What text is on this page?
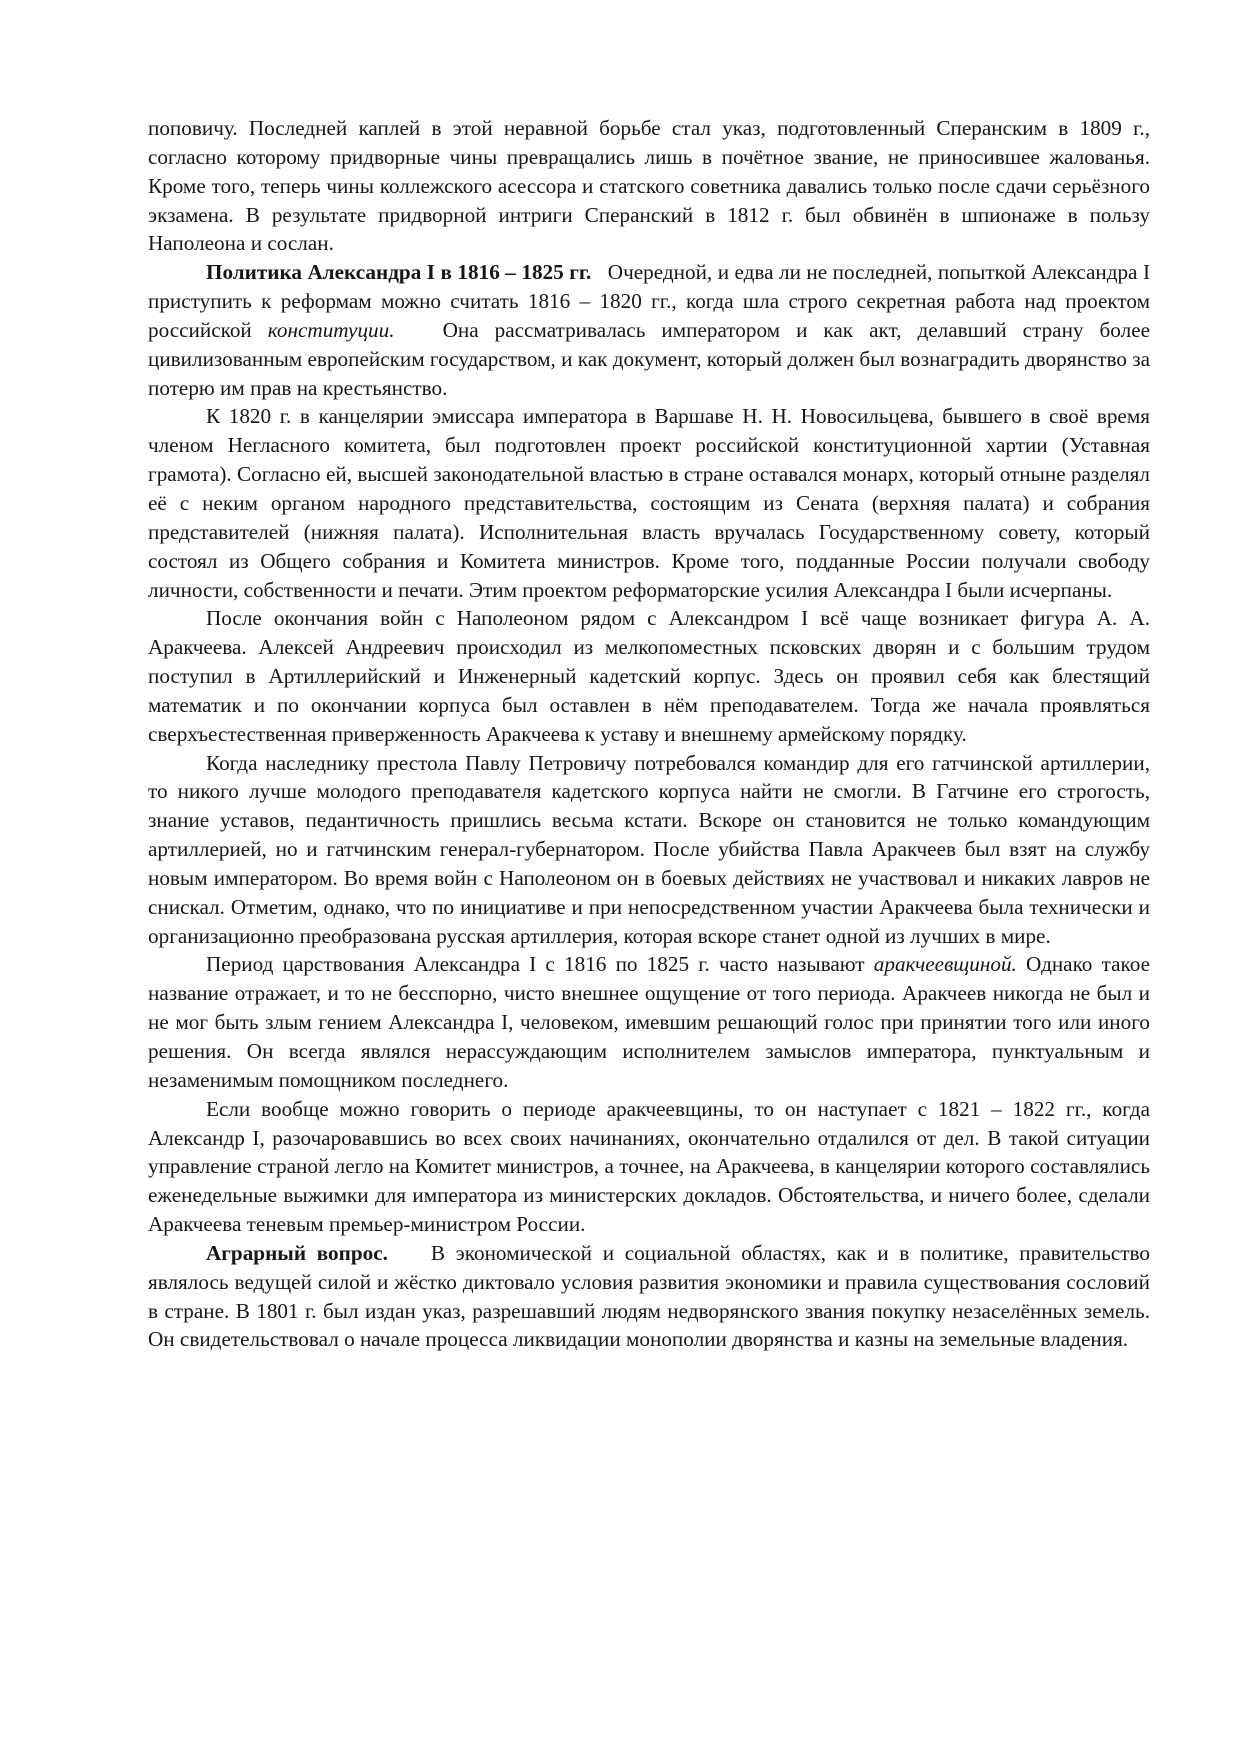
поповичу. Последней каплей в этой неравной борьбе стал указ, подготовленный Сперанским в 1809 г., согласно которому придворные чины превращались лишь в почётное звание, не приносившее жалованья. Кроме того, теперь чины коллежского асессора и статского советника давались только после сдачи серьёзного экзамена. В результате придворной интриги Сперанский в 1812 г. был обвинён в шпионаже в пользу Наполеона и сослан.

Политика Александра I в 1816 – 1825 гг. Очередной, и едва ли не последней, попыткой Александра I приступить к реформам можно считать 1816 – 1820 гг., когда шла строго секретная работа над проектом российской конституции. Она рассматривалась императором и как акт, делавший страну более цивилизованным европейским государством, и как документ, который должен был вознаградить дворянство за потерю им прав на крестьянство.

К 1820 г. в канцелярии эмиссара императора в Варшаве Н. Н. Новосильцева, бывшего в своё время членом Негласного комитета, был подготовлен проект российской конституционной хартии (Уставная грамота). Согласно ей, высшей законодательной властью в стране оставался монарх, который отныне разделял её с неким органом народного представительства, состоящим из Сената (верхняя палата) и собрания представителей (нижняя палата). Исполнительная власть вручалась Государственному совету, который состоял из Общего собрания и Комитета министров. Кроме того, подданные России получали свободу личности, собственности и печати. Этим проектом реформаторские усилия Александра I были исчерпаны.

После окончания войн с Наполеоном рядом с Александром I всё чаще возникает фигура А. А. Аракчеева. Алексей Андреевич происходил из мелкопоместных псковских дворян и с большим трудом поступил в Артиллерийский и Инженерный кадетский корпус. Здесь он проявил себя как блестящий математик и по окончании корпуса был оставлен в нём преподавателем. Тогда же начала проявляться сверхъестественная приверженность Аракчеева к уставу и внешнему армейскому порядку.

Когда наследнику престола Павлу Петровичу потребовался командир для его гатчинской артиллерии, то никого лучше молодого преподавателя кадетского корпуса найти не смогли. В Гатчине его строгость, знание уставов, педантичность пришлись весьма кстати. Вскоре он становится не только командующим артиллерией, но и гатчинским генерал-губернатором. После убийства Павла Аракчеев был взят на службу новым императором. Во время войн с Наполеоном он в боевых действиях не участвовал и никаких лавров не снискал. Отметим, однако, что по инициативе и при непосредственном участии Аракчеева была технически и организационно преобразована русская артиллерия, которая вскоре станет одной из лучших в мире.

Период царствования Александра I с 1816 по 1825 г. часто называют аракчеевщиной. Однако такое название отражает, и то не бесспорно, чисто внешнее ощущение от того периода. Аракчеев никогда не был и не мог быть злым гением Александра I, человеком, имевшим решающий голос при принятии того или иного решения. Он всегда являлся нерассуждающим исполнителем замыслов императора, пунктуальным и незаменимым помощником последнего.

Если вообще можно говорить о периоде аракчеевщины, то он наступает с 1821 – 1822 гг., когда Александр I, разочаровавшись во всех своих начинаниях, окончательно отдалился от дел. В такой ситуации управление страной легло на Комитет министров, а точнее, на Аракчеева, в канцелярии которого составлялись еженедельные выжимки для императора из министерских докладов. Обстоятельства, и ничего более, сделали Аракчеева теневым премьер-министром России.

Аграрный вопрос. В экономической и социальной областях, как и в политике, правительство являлось ведущей силой и жёстко диктовало условия развития экономики и правила существования сословий в стране. В 1801 г. был издан указ, разрешавший людям недворянского звания покупку незаселённых земель. Он свидетельствовал о начале процесса ликвидации монополии дворянства и казны на земельные владения.
